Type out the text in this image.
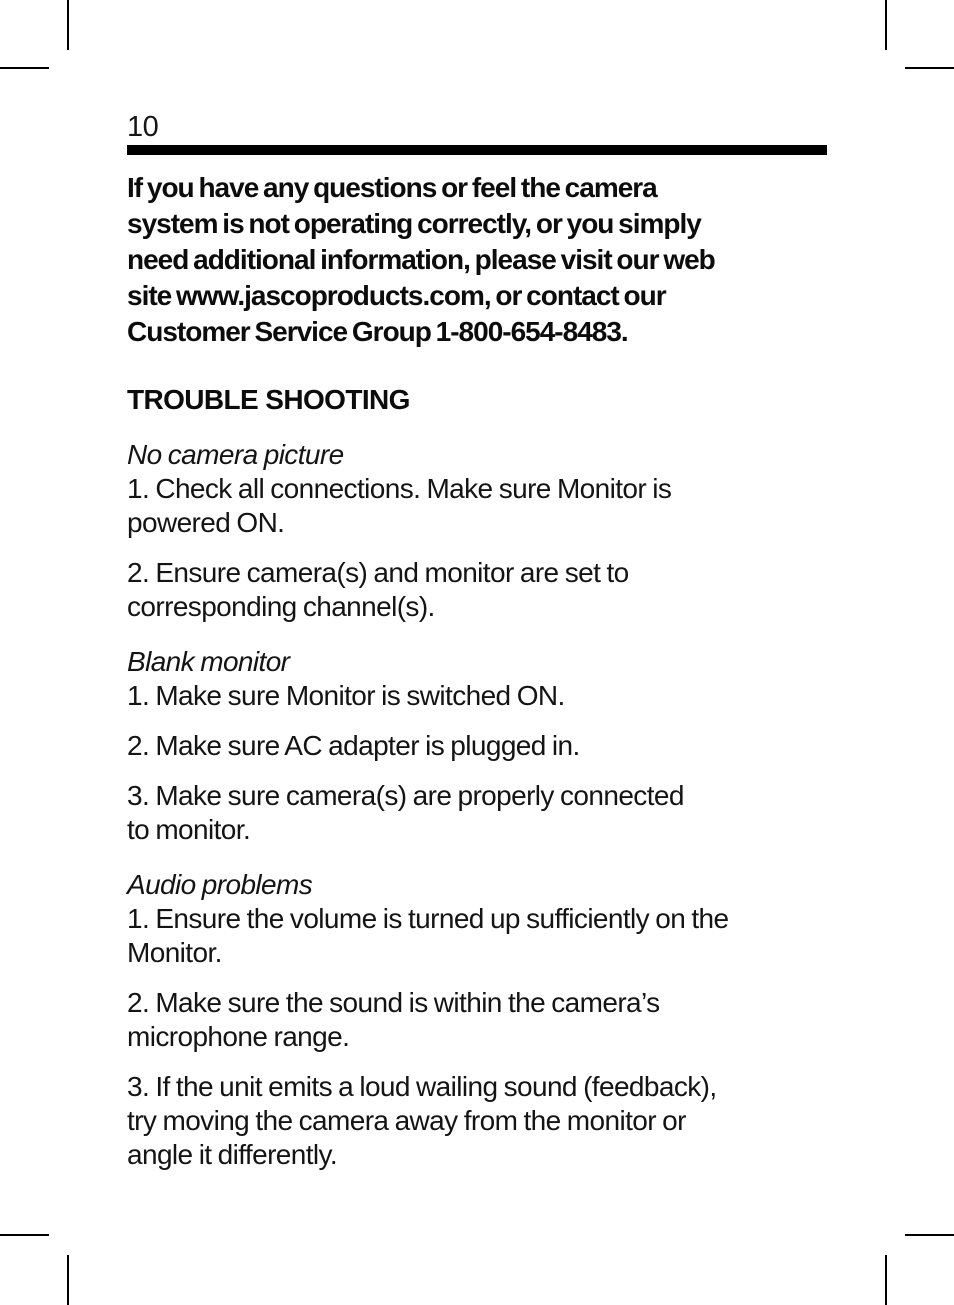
10
If you have any questions or feel the camera
system is not operating correctly, or you simply
need additional information, please visit our web
site www.jascoproducts.com, or contact our
Customer Service Group 1-800-654-8483.
TROUBLE SHOOTING
No camera picture
1. Check all connections. Make sure Monitor is
powered ON.
2. Ensure camera(s) and monitor are set to
corresponding channel(s).
Blank monitor
1. Make sure Monitor is switched ON.
2. Make sure AC adapter is plugged in.
3. Make sure camera(s) are properly connected
to monitor.
Audio problems
1. Ensure the volume is turned up sufficiently on the
Monitor.
2. Make sure the sound is within the camera’s
microphone range.
3. If the unit emits a loud wailing sound (feedback),
try moving the camera away from the monitor or
angle it differently.
